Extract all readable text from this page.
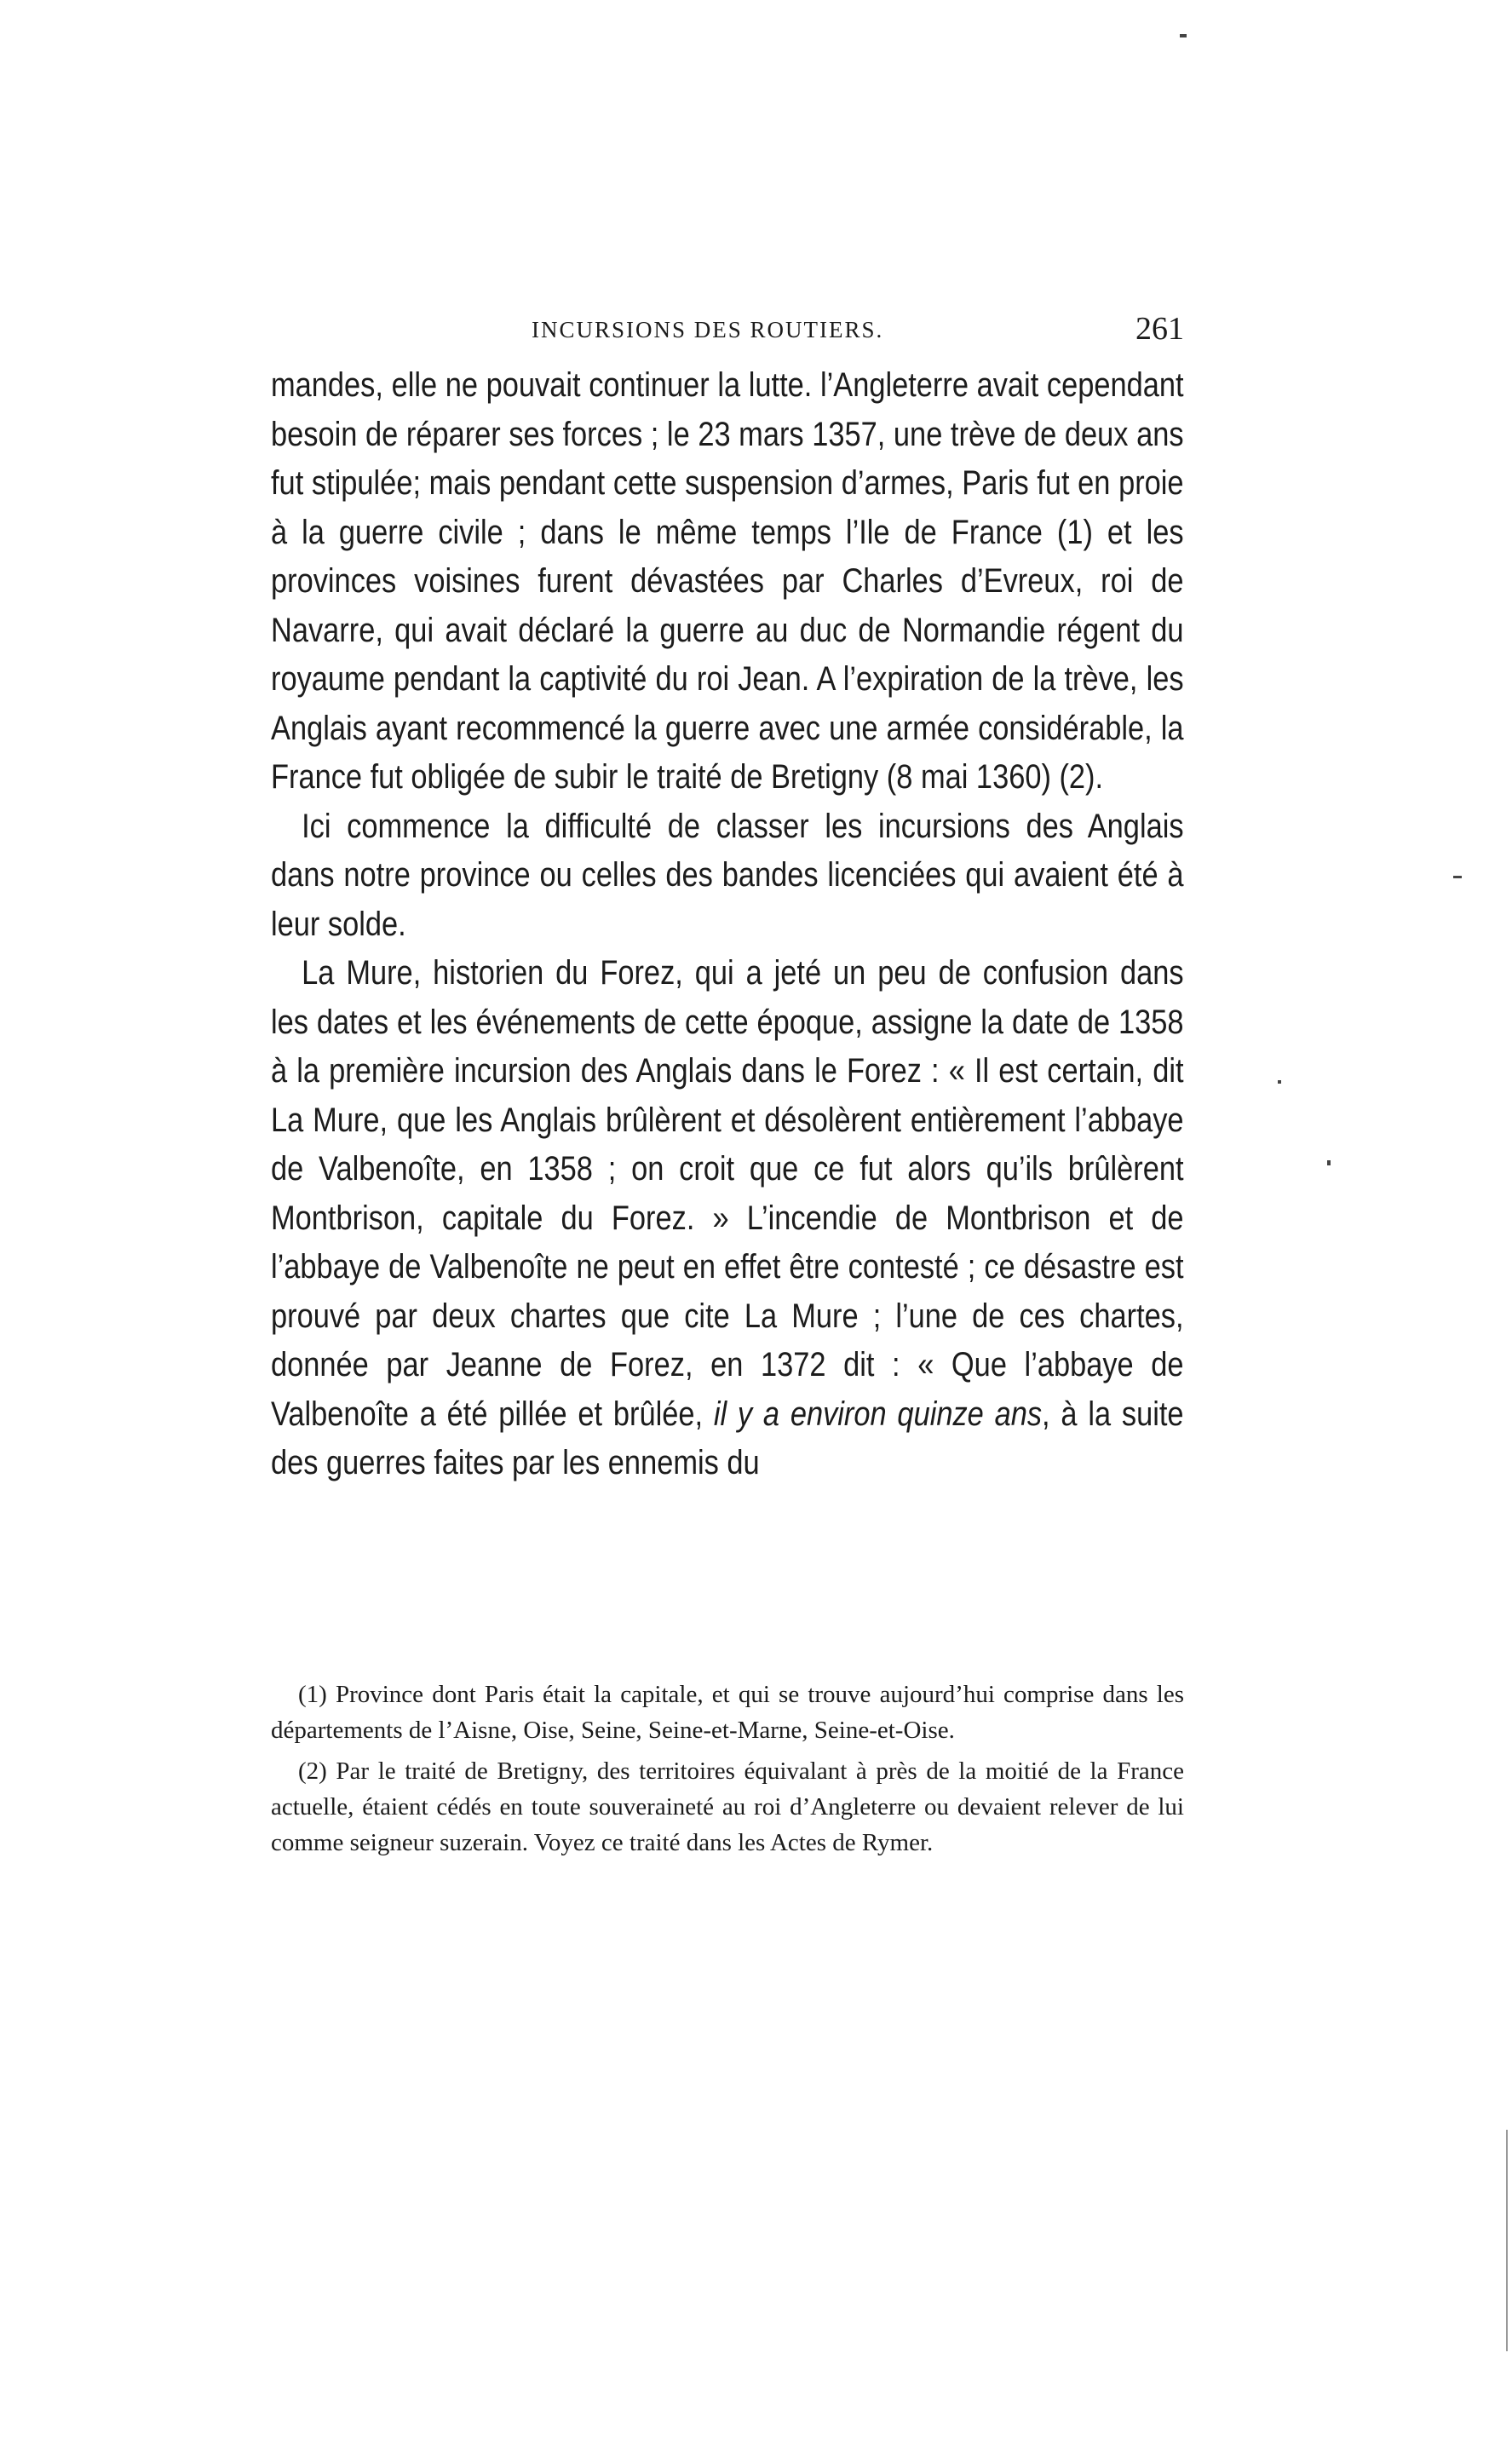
INCURSIONS DES ROUTIERS.	261

mandes, elle ne pouvait continuer la lutte. l’Angleterre avait cependant besoin de réparer ses forces ; le 23 mars 1357, une trève de deux ans fut stipulée; mais pendant cette suspension d’armes, Paris fut en proie à la guerre civile ; dans le même temps l’Ile de France (1) et les provinces voisines furent dévastées par Charles d’Evreux, roi de Navarre, qui avait déclaré la guerre au duc de Normandie régent du royaume pendant la captivité du roi Jean. A l’expiration de la trève, les Anglais ayant recommencé la guerre avec une armée considérable, la France fut obligée de subir le traité de Bretigny (8 mai 1360) (2).

Ici commence la difficulté de classer les incursions des Anglais dans notre province ou celles des bandes licenciées qui avaient été à leur solde.

La Mure, historien du Forez, qui a jeté un peu de confusion dans les dates et les événements de cette époque, assigne la date de 1358 à la première incursion des Anglais dans le Forez : « Il est certain, dit La Mure, que les Anglais brûlèrent et désolèrent entièrement l’abbaye de Valbenoîte, en 1358 ; on croit que ce fut alors qu’ils brûlèrent Montbrison, capitale du Forez. » L’incendie de Montbrison et de l’abbaye de Valbenoîte ne peut en effet être contesté ; ce désastre est prouvé par deux chartes que cite La Mure ; l’une de ces chartes, donnée par Jeanne de Forez, en 1372 dit : « Que l’abbaye de Valbenoîte a été pillée et brûlée, il y a environ quinze ans, à la suite des guerres faites par les ennemis du

(1) Province dont Paris était la capitale, et qui se trouve aujourd’hui comprise dans les départements de l’Aisne, Oise, Seine, Seine-et-Marne, Seine-et-Oise.

(2) Par le traité de Bretigny, des territoires équivalant à près de la moitié de la France actuelle, étaient cédés en toute souveraineté au roi d’Angleterre ou devaient relever de lui comme seigneur suzerain. Voyez ce traité dans les Actes de Rymer.
